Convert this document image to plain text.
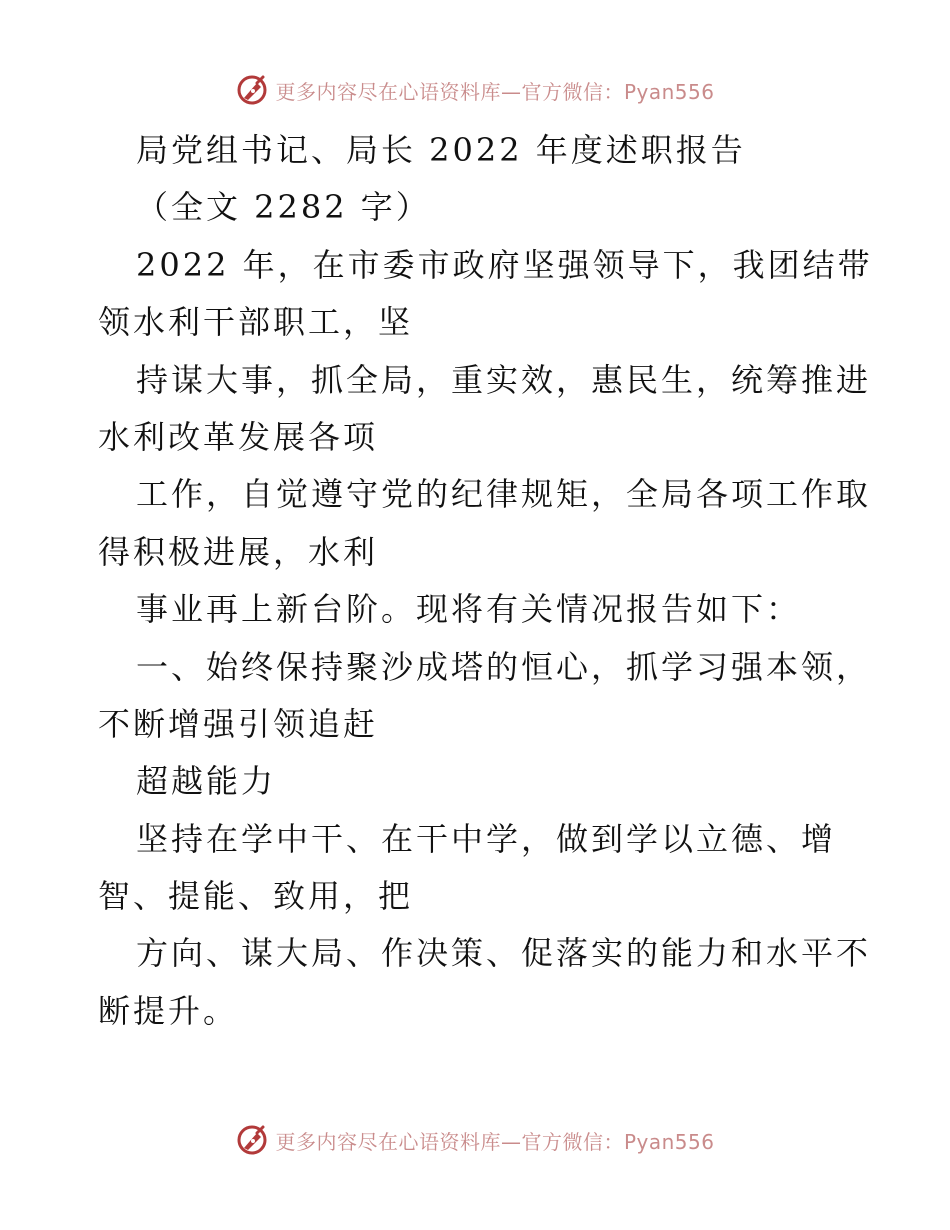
更多内容尽在心语资料库—官方微信：Pyan556
局党组书记、局长 2022 年度述职报告
（全文 2282 字）
2022 年，在市委市政府坚强领导下，我团结带
领水利干部职工，坚
持谋大事，抓全局，重实效，惠民生，统筹推进
水利改革发展各项
工作，自觉遵守党的纪律规矩，全局各项工作取
得积极进展，水利
事业再上新台阶。现将有关情况报告如下：
一、始终保持聚沙成塔的恒心，抓学习强本领，
不断增强引领追赶
超越能力
坚持在学中干、在干中学，做到学以立德、增
智、提能、致用，把
方向、谋大局、作决策、促落实的能力和水平不
断提升。
更多内容尽在心语资料库—官方微信：Pyan556
